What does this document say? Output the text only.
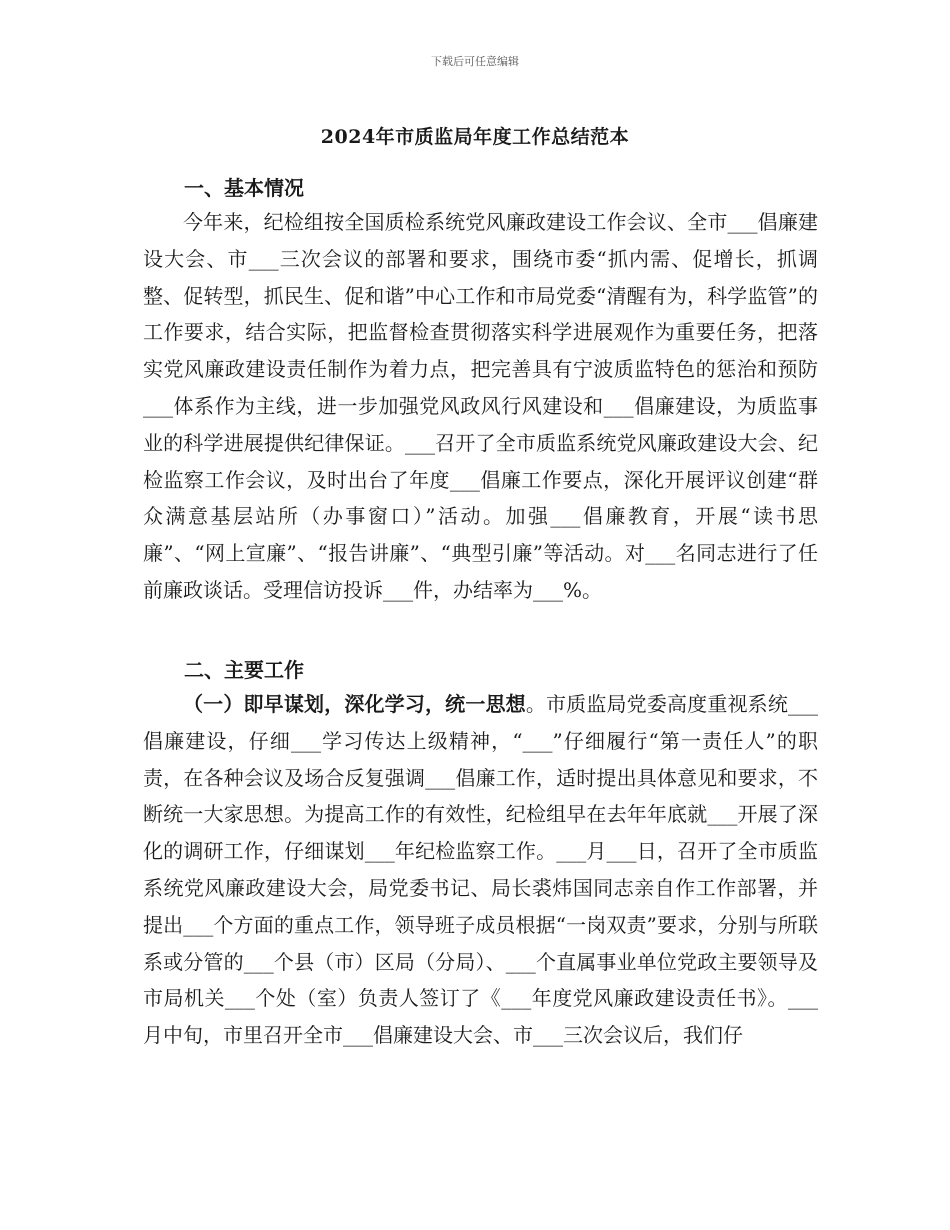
下载后可任意编辑
2024年市质监局年度工作总结范本
一、基本情况

今年来，纪检组按全国质检系统党风廉政建设工作会议、全市___倡廉建设大会、市___三次会议的部署和要求，围绕市委“抓内需、促增长，抓调整、促转型，抓民生、促和谐”中心工作和市局党委“清醒有为，科学监管”的工作要求，结合实际，把监督检查贯彻落实科学进展观作为重要任务，把落实党风廉政建设责任制作为着力点，把完善具有宁波质监特色的惩治和预防___体系作为主线，进一步加强党风政风行风建设和___倡廉建设，为质监事业的科学进展提供纪律保证。___召开了全市质监系统党风廉政建设大会、纪检监察工作会议，及时出台了年度___倡廉工作要点，深化开展评议创建“群众满意基层站所（办事窗口）”活动。加强___倡廉教育，开展“读书思廉”、“网上宣廉”、“报告讲廉”、“典型引廉”等活动。对___名同志进行了任前廉政谈话。受理信访投诉___件，办结率为___%。

二、主要工作

（一）即早谋划，深化学习，统一思想。市质监局党委高度重视系统___倡廉建设，仔细___学习传达上级精神，“___”仔细履行“第一责任人”的职责，在各种会议及场合反复强调___倡廉工作，适时提出具体意见和要求，不断统一大家思想。为提高工作的有效性，纪检组早在去年年底就___开展了深化的调研工作，仔细谋划___年纪检监察工作。___月___日，召开了全市质监系统党风廉政建设大会，局党委书记、局长裘炜国同志亲自作工作部署，并提出___个方面的重点工作，领导班子成员根据“一岗双责”要求，分别与所联系或分管的___个县（市）区局（分局）、___个直属事业单位党政主要领导及市局机关___个处（室）负责人签订了《___年度党风廉政建设责任书》。___月中旬，市里召开全市___倡廉建设大会、市___三次会议后，我们仔
